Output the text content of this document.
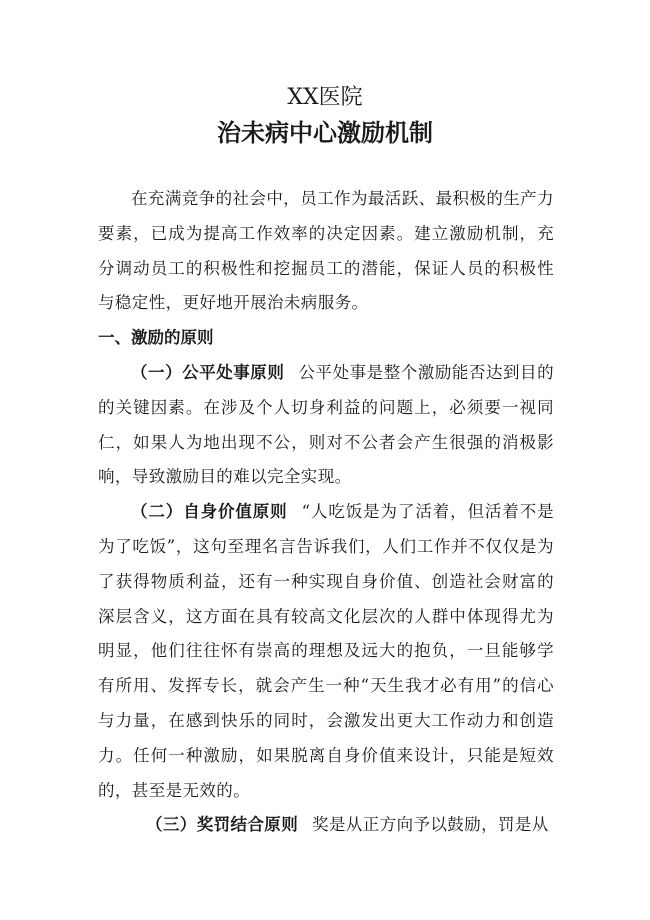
XX医院
治未病中心激励机制

在充满竞争的社会中，员工作为最活跃、最积极的生产力要素，已成为提高工作效率的决定因素。建立激励机制，充分调动员工的积极性和挖掘员工的潜能，保证人员的积极性与稳定性，更好地开展治未病服务。

一、激励的原则

（一）公平处事原则 公平处事是整个激励能否达到目的的关键因素。在涉及个人切身利益的问题上，必须要一视同仁，如果人为地出现不公，则对不公者会产生很强的消极影响，导致激励目的难以完全实现。

（二）自身价值原则 “人吃饭是为了活着，但活着不是为了吃饭”，这句至理名言告诉我们，人们工作并不仅仅是为了获得物质利益，还有一种实现自身价值、创造社会财富的深层含义，这方面在具有较高文化层次的人群中体现得尤为明显，他们往往怀有崇高的理想及远大的抱负，一旦能够学有所用、发挥专长，就会产生一种“天生我才必有用”的信心与力量，在感到快乐的同时，会激发出更大工作动力和创造力。任何一种激励，如果脱离自身价值来设计，只能是短效的，甚至是无效的。

（三）奖罚结合原则 奖是从正方向予以鼓励，罚是从
